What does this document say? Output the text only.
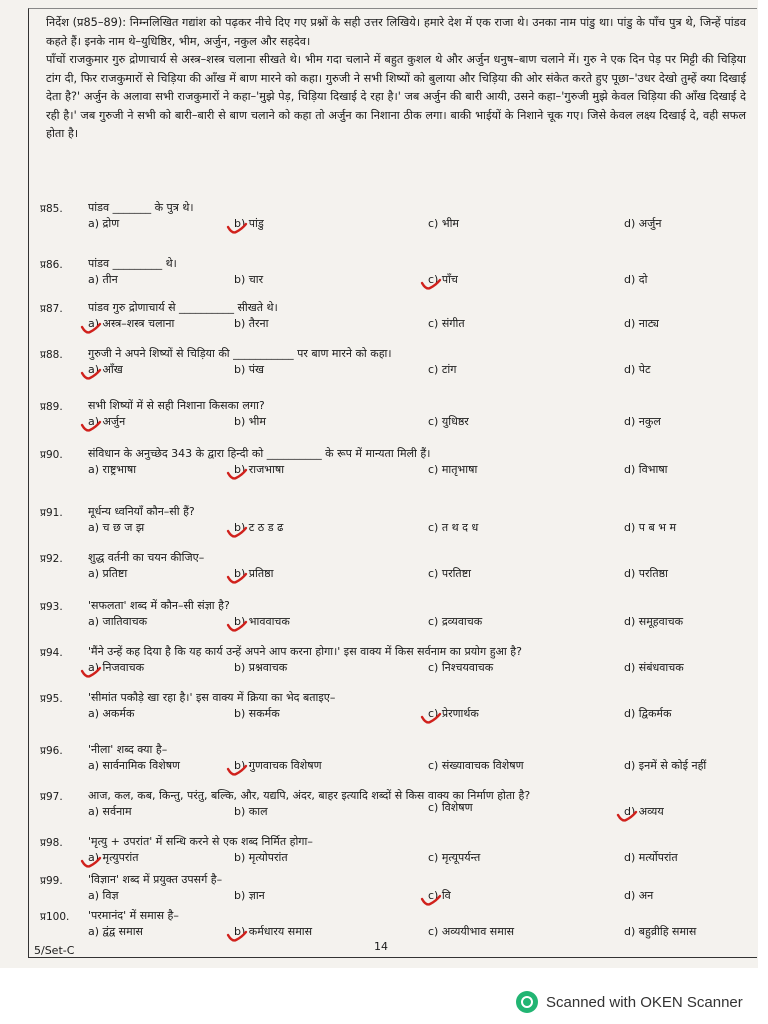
निर्देश (प्र85–89): निम्नलिखित गद्यांश को पढ़कर नीचे दिए गए प्रश्नों के सही उत्तर लिखिये। हमारे देश में एक राजा थे। उनका नाम पांडु था। पांडु के पाँच पुत्र थे, जिन्हें पांडव कहते हैं। इनके नाम थे–युधिष्ठिर, भीम, अर्जुन, नकुल और सहदेव।
पाँचों राजकुमार गुरु द्रोणाचार्य से अस्त्र–शस्त्र चलाना सीखते थे। भीम गदा चलाने में बहुत कुशल थे और अर्जुन धनुष–बाण चलाने में। गुरु ने एक दिन पेड़ पर मिट्टी की चिड़िया टांग दी, फिर राजकुमारों से चिड़िया की आँख में बाण मारने को कहा। गुरुजी ने सभी शिष्यों को बुलाया और चिड़िया की ओर संकेत करते हुए पूछा–'उधर देखो तुम्हें क्या दिखाई देता है?' अर्जुन के अलावा सभी राजकुमारों ने कहा–'मुझे पेड़, चिड़िया दिखाई दे रहा है।' जब अर्जुन की बारी आयी, उसने कहा–'गुरुजी मुझे केवल चिड़िया की आँख दिखाई दे रही है।' जब गुरुजी ने सभी को बारी–बारी से बाण चलाने को कहा तो अर्जुन का निशाना ठीक लगा। बाकी भाईयों के निशाने चूक गए। जिसे केवल लक्ष्य दिखाई दे, वही सफल होता है।
प्र85.	पांडव _______ के पुत्र थे।
a) द्रोण	b) पांडु	c) भीम	d) अर्जुन
प्र86.	पांडव _________ थे।
a) तीन	b) चार	c) पाँच	d) दो
प्र87.	पांडव गुरु द्रोणाचार्य से __________ सीखते थे।
a) अस्त्र–शस्त्र चलाना	b) तैरना	c) संगीत	d) नाट्य
प्र88.	गुरुजी ने अपने शिष्यों से चिड़िया की ___________ पर बाण मारने को कहा।
a) आँख	b) पंख	c) टांग	d) पेट
प्र89.	सभी शिष्यों में से सही निशाना किसका लगा?
a) अर्जुन	b) भीम	c) युधिष्ठर	d) नकुल
प्र90.	संविधान के अनुच्छेद 343 के द्वारा हिन्दी को __________ के रूप में मान्यता मिली हैं।
a) राष्ट्रभाषा	b) राजभाषा	c) मातृभाषा	d) विभाषा
प्र91.	मूर्धन्य ध्वनियाँ कौन–सी हैं?
a) च छ ज झ	b) ट ठ ड ढ	c) त थ द ध	d) प ब भ म
प्र92.	शुद्ध वर्तनी का चयन कीजिए–
a) प्रतिष्टा	b) प्रतिष्ठा	c) परतिष्टा	d) परतिष्ठा
प्र93.	'सफलता' शब्द में कौन–सी संज्ञा है?
a) जातिवाचक	b) भाववाचक	c) द्रव्यवाचक	d) समूहवाचक
प्र94.	'मैंने उन्हें कह दिया है कि यह कार्य उन्हें अपने आप करना होगा।' इस वाक्य में किस सर्वनाम का प्रयोग हुआ है?
a) निजवाचक	b) प्रश्नवाचक	c) निश्चयवाचक	d) संबंधवाचक
प्र95.	'सीमांत पकौड़े खा रहा है।' इस वाक्य में क्रिया का भेद बताइए–
a) अकर्मक	b) सकर्मक	c) प्रेरणार्थक	d) द्विकर्मक
प्र96.	'नीला' शब्द क्या है–
a) सार्वनामिक विशेषण	b) गुणवाचक विशेषण	c) संख्यावाचक विशेषण	d) इनमें से कोई नहीं
प्र97.	आज, कल, कब, किन्तु, परंतु, बल्कि, और, यद्यपि, अंदर, बाहर इत्यादि शब्दों से किस वाक्य का निर्माण होता है?
a) सर्वनाम	b) काल	c) विशेषण	d) अव्यय
प्र98.	'मृत्यु + उपरांत' में सन्धि करने से एक शब्द निर्मित होगा–
a) मृत्युपरांत	b) मृत्योपरांत	c) मृत्यूपर्यन्त	d) मर्त्योपरांत
प्र99.	'विज्ञान' शब्द में प्रयुक्त उपसर्ग है–
a) विज्ञ	b) ज्ञान	c) वि	d) अन
प्र100.	'परमानंद' में समास है–
a) द्वंद्व समास	b) कर्मधारय समास	c) अव्ययीभाव समास	d) बहुव्रीहि समास
5/Set-C	14
Scanned with OKEN Scanner
